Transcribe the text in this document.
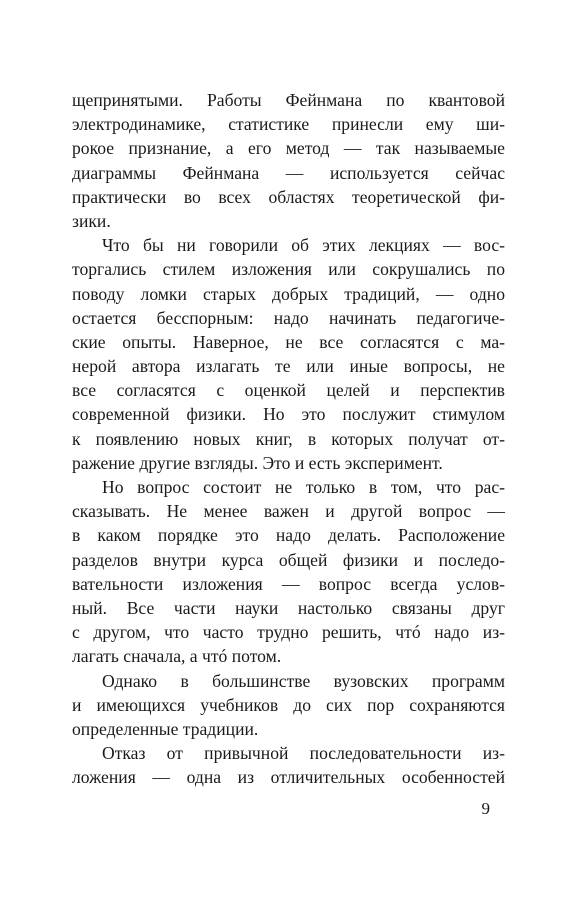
щепринятыми. Работы Фейнмана по квантовой
электродинамике, статистике принесли ему ши-
рокое признание, а его метод — так называемые
диаграммы Фейнмана — используется сейчас
практически во всех областях теоретической фи-
зики.
Что бы ни говорили об этих лекциях — вос-
торгались стилем изложения или сокрушались по
поводу ломки старых добрых традиций, — одно
остается бесспорным: надо начинать педагогиче-
ские опыты. Наверное, не все согласятся с ма-
нерой автора излагать те или иные вопросы, не
все согласятся с оценкой целей и перспектив
современной физики. Но это послужит стимулом
к появлению новых книг, в которых получат от-
ражение другие взгляды. Это и есть эксперимент.
Но вопрос состоит не только в том, что рас-
сказывать. Не менее важен и другой вопрос —
в каком порядке это надо делать. Расположение
разделов внутри курса общей физики и последо-
вательности изложения — вопрос всегда услов-
ный. Все части науки настолько связаны друг
с другом, что часто трудно решить, чтó надо из-
лагать сначала, а чтó потом.
Однако в большинстве вузовских программ
и имеющихся учебников до сих пор сохраняются
определенные традиции.
Отказ от привычной последовательности из-
ложения — одна из отличительных особенностей
9
